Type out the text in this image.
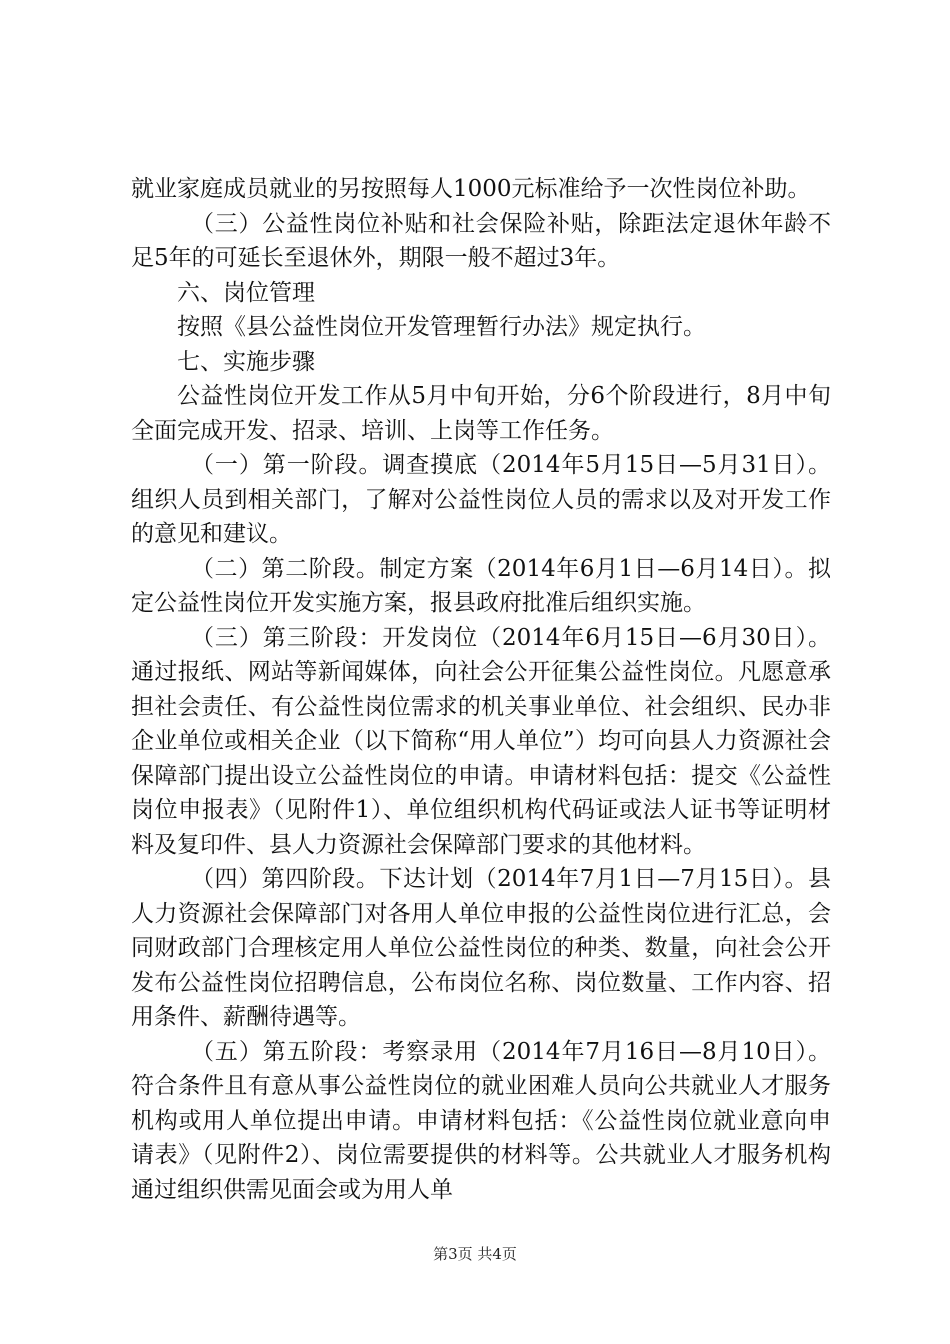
就业家庭成员就业的另按照每人1000元标准给予一次性岗位补助。

（三）公益性岗位补贴和社会保险补贴，除距法定退休年龄不足5年的可延长至退休外，期限一般不超过3年。

六、岗位管理

按照《县公益性岗位开发管理暂行办法》规定执行。

七、实施步骤

公益性岗位开发工作从5月中旬开始，分6个阶段进行，8月中旬全面完成开发、招录、培训、上岗等工作任务。

（一）第一阶段。调查摸底（2014年5月15日—5月31日）。组织人员到相关部门，了解对公益性岗位人员的需求以及对开发工作的意见和建议。

（二）第二阶段。制定方案（2014年6月1日—6月14日）。拟定公益性岗位开发实施方案，报县政府批准后组织实施。

（三）第三阶段：开发岗位（2014年6月15日—6月30日）。通过报纸、网站等新闻媒体，向社会公开征集公益性岗位。凡愿意承担社会责任、有公益性岗位需求的机关事业单位、社会组织、民办非企业单位或相关企业（以下简称“用人单位”）均可向县人力资源社会保障部门提出设立公益性岗位的申请。申请材料包括：提交《公益性岗位申报表》（见附件1）、单位组织机构代码证或法人证书等证明材料及复印件、县人力资源社会保障部门要求的其他材料。

（四）第四阶段。下达计划（2014年7月1日—7月15日）。县人力资源社会保障部门对各用人单位申报的公益性岗位进行汇总，会同财政部门合理核定用人单位公益性岗位的种类、数量，向社会公开发布公益性岗位招聘信息，公布岗位名称、岗位数量、工作内容、招用条件、薪酬待遇等。

（五）第五阶段：考察录用（2014年7月16日—8月10日）。符合条件且有意从事公益性岗位的就业困难人员向公共就业人才服务机构或用人单位提出申请。申请材料包括：《公益性岗位就业意向申请表》（见附件2）、岗位需要提供的材料等。公共就业人才服务机构通过组织供需见面会或为用人单

第3页 共4页
